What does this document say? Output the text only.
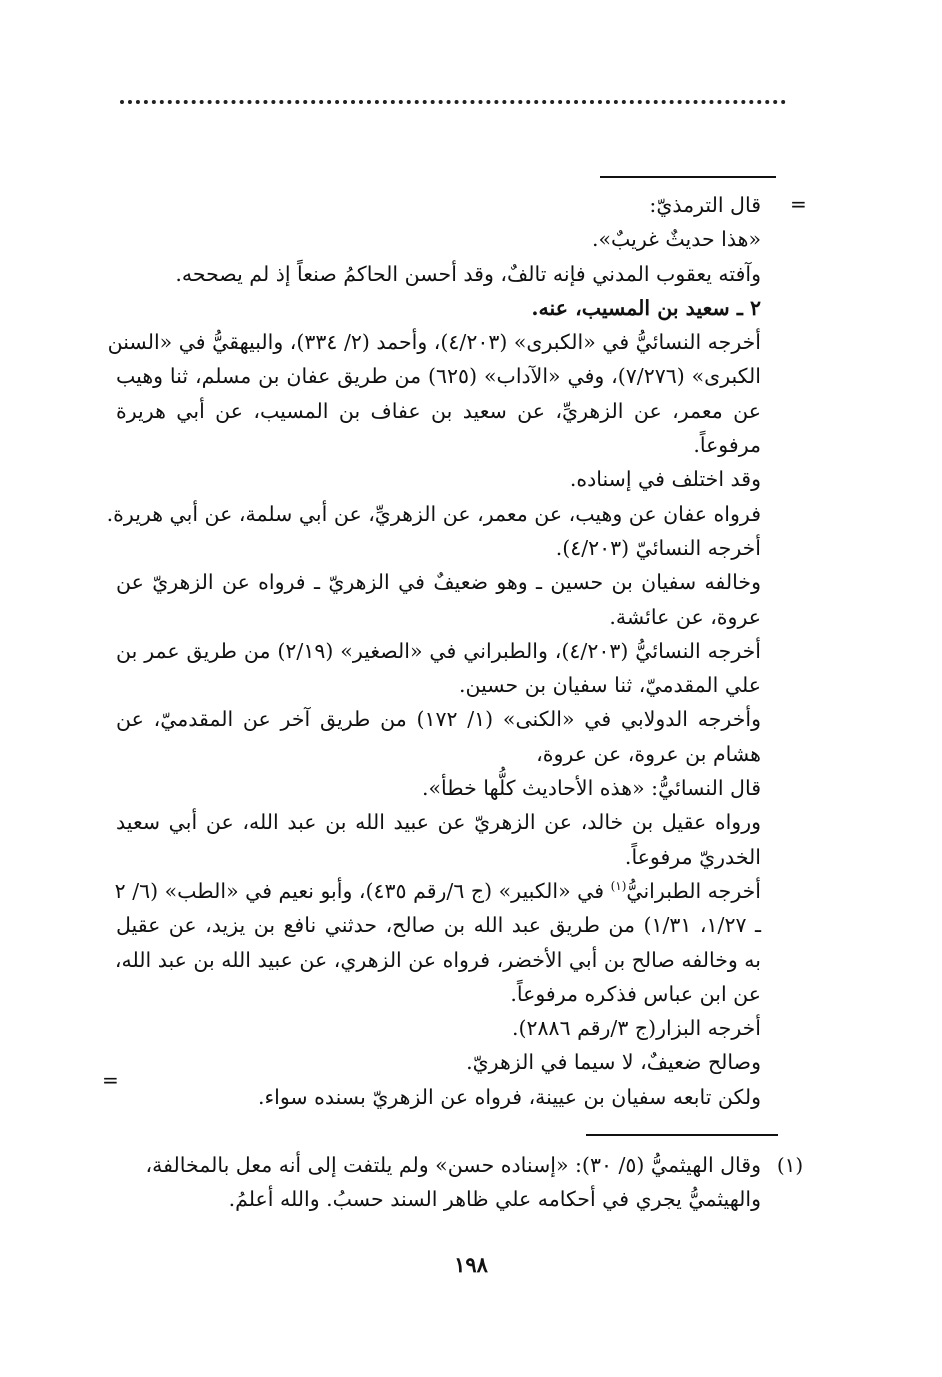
=
قال الترمذيّ:
«هذا حديثٌ غريبٌ».
وآفته يعقوب المدني فإنه تالفٌ، وقد أحسن الحاكمُ صنعاً إذ لم يصححه.
٢ ـ سعيد بن المسيب، عنه.
أخرجه النسائيُّ في «الكبرى» (٤/٢٠٣)، وأحمد (٢/ ٣٣٤)، والبيهقيُّ في «السنن
الكبرى» (٧/٢٧٦)، وفي «الآداب» (٦٢٥) من طريق عفان بن مسلم، ثنا وهيب
عن معمر، عن الزهريِّ، عن سعيد بن عفاف بن المسيب، عن أبي هريرة
مرفوعاً.
وقد اختلف في إسناده.
فرواه عفان عن وهيب، عن معمر، عن الزهريِّ، عن أبي سلمة، عن أبي هريرة.
أخرجه النسائيّ (٤/٢٠٣).
وخالفه سفيان بن حسين ـ وهو ضعيفٌ في الزهريّ ـ فرواه عن الزهريّ عن
عروة، عن عائشة.
أخرجه النسائيُّ (٤/٢٠٣)، والطبراني في «الصغير» (٢/١٩) من طريق عمر بن
علي المقدميّ، ثنا سفيان بن حسين.
وأخرجه الدولابي في «الكنى» (١/ ١٧٢) من طريق آخر عن المقدميّ، عن
هشام بن عروة، عن عروة،
قال النسائيُّ: «هذه الأحاديث كلُّها خطأ».
ورواه عقيل بن خالد، عن الزهريّ عن عبيد الله بن عبد الله، عن أبي سعيد
الخدريّ مرفوعاً.
أخرجه الطبرانيُّ$^{(١)}$ في «الكبير» (ج ٦/رقم ٤٣٥)، وأبو نعيم في «الطب» (٦/ ٢
ـ ١/٢٧، ١/٣١) من طريق عبد الله بن صالح، حدثني نافع بن يزيد، عن عقيل
به وخالفه صالح بن أبي الأخضر، فرواه عن الزهري، عن عبيد الله بن عبد الله،
عن ابن عباس فذكره مرفوعاً.
أخرجه البزار(ج ٣/رقم ٢٨٨٦).
وصالح ضعيفٌ، لا سيما في الزهريّ.
ولكن تابعه سفيان بن عيينة، فرواه عن الزهريّ بسنده سواء.
=
(١)
وقال الهيثميُّ (٥/ ٣٠): «إسناده حسن» ولم يلتفت إلى أنه معل بالمخالفة،
والهيثميُّ يجري في أحكامه علي ظاهر السند حسبُ. والله أعلمُ.
١٩٨
